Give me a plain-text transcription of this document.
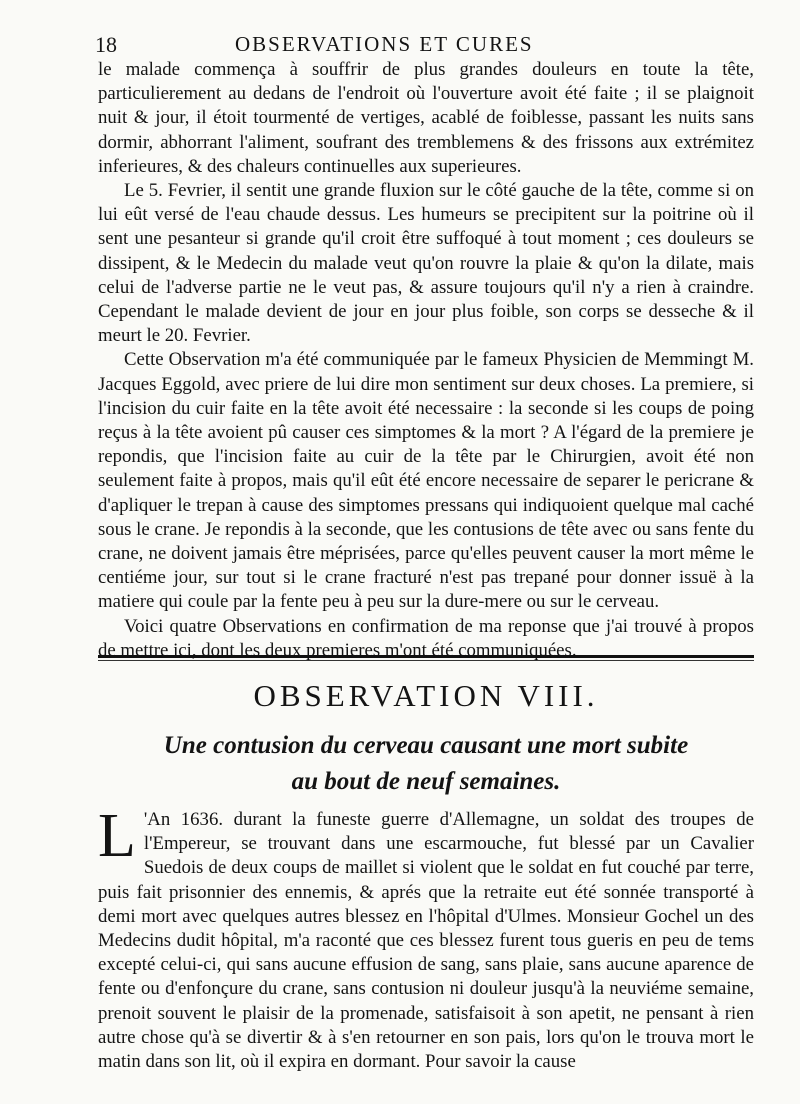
18	OBSERVATIONS ET CURES

le malade commença à souffrir de plus grandes douleurs en toute la tête, particulierement au dedans de l'endroit où l'ouverture avoit été faite ; il se plaignoit nuit & jour, il étoit tourmenté de vertiges, acablé de foiblesse, passant les nuits sans dormir, abhorrant l'aliment, soufrant des tremblemens & des frissons aux extrémitez inferieures, & des chaleurs continuelles aux superieures.

Le 5. Fevrier, il sentit une grande fluxion sur le côté gauche de la tête, comme si on lui eût versé de l'eau chaude dessus. Les humeurs se precipitent sur la poitrine où il sent une pesanteur si grande qu'il croit être suffoqué à tout moment ; ces douleurs se dissipent, & le Medecin du malade veut qu'on rouvre la plaie & qu'on la dilate, mais celui de l'adverse partie ne le veut pas, & assure toujours qu'il n'y a rien à craindre. Cependant le malade devient de jour en jour plus foible, son corps se desseche & il meurt le 20. Fevrier.

Cette Observation m'a été communiquée par le fameux Physicien de Memmingt M. Jacques Eggold, avec priere de lui dire mon sentiment sur deux choses. La premiere, si l'incision du cuir faite en la tête avoit été necessaire : la seconde si les coups de poing reçus à la tête avoient pû causer ces simptomes & la mort ? A l'égard de la premiere je repondis, que l'incision faite au cuir de la tête par le Chirurgien, avoit été non seulement faite à propos, mais qu'il eût été encore necessaire de separer le pericrane & d'apliquer le trepan à cause des simptomes pressans qui indiquoient quelque mal caché sous le crane. Je repondis à la seconde, que les contusions de tête avec ou sans fente du crane, ne doivent jamais être méprisées, parce qu'elles peuvent causer la mort même le centiéme jour, sur tout si le crane fracturé n'est pas trepané pour donner issuë à la matiere qui coule par la fente peu à peu sur la dure-mere ou sur le cerveau.

Voici quatre Observations en confirmation de ma reponse que j'ai trouvé à propos de mettre ici, dont les deux premieres m'ont été communiquées.

OBSERVATION VIII.
Une contusion du cerveau causant une mort subite
au bout de neuf semaines.
L 'An 1636. durant la funeste guerre d'Allemagne, un soldat des troupes de l'Empereur, se trouvant dans une escarmouche, fut blessé par un Cavalier Suedois de deux coups de maillet si violent que le soldat en fut couché par terre, puis fait prisonnier des ennemis, & aprés que la retraite eut été sonnée transporté à demi mort avec quelques autres blessez en l'hôpital d'Ulmes. Monsieur Gochel un des Medecins dudit hôpital, m'a raconté que ces blessez furent tous gueris en peu de tems excepté celui-ci, qui sans aucune effusion de sang, sans plaie, sans aucune aparence de fente ou d'enfonçure du crane, sans contusion ni douleur jusqu'à la neuviéme semaine, prenoit souvent le plaisir de la promenade, satisfaisoit à son apetit, ne pensant à rien autre chose qu'à se divertir & à s'en retourner en son pais, lors qu'on le trouva mort le matin dans son lit, où il expira en dormant. Pour savoir la cause
